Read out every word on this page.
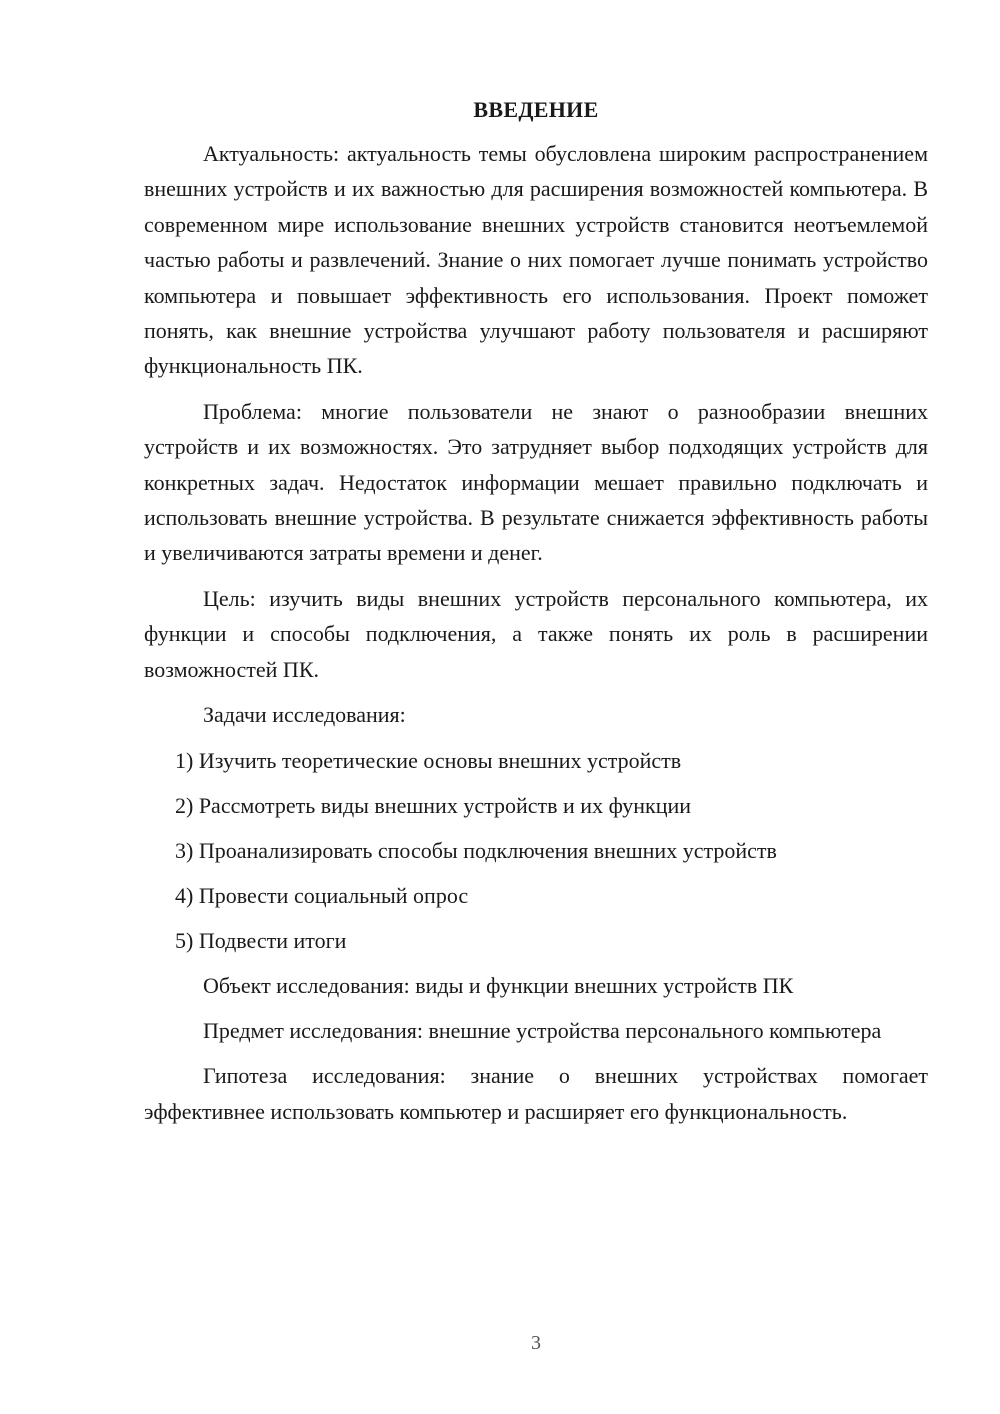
ВВЕДЕНИЕ

Актуальность: актуальность темы обусловлена широким распространением внешних устройств и их важностью для расширения возможностей компьютера. В современном мире использование внешних устройств становится неотъемлемой частью работы и развлечений. Знание о них помогает лучше понимать устройство компьютера и повышает эффективность его использования. Проект поможет понять, как внешние устройства улучшают работу пользователя и расширяют функциональность ПК.

Проблема: многие пользователи не знают о разнообразии внешних устройств и их возможностях. Это затрудняет выбор подходящих устройств для конкретных задач. Недостаток информации мешает правильно подключать и использовать внешние устройства. В результате снижается эффективность работы и увеличиваются затраты времени и денег.

Цель: изучить виды внешних устройств персонального компьютера, их функции и способы подключения, а также понять их роль в расширении возможностей ПК.

Задачи исследования:

1) Изучить теоретические основы внешних устройств
2) Рассмотреть виды внешних устройств и их функции
3) Проанализировать способы подключения внешних устройств
4) Провести социальный опрос
5) Подвести итоги

Объект исследования: виды и функции внешних устройств ПК

Предмет исследования: внешние устройства персонального компьютера

Гипотеза исследования: знание о внешних устройствах помогает эффективнее использовать компьютер и расширяет его функциональность.

3
